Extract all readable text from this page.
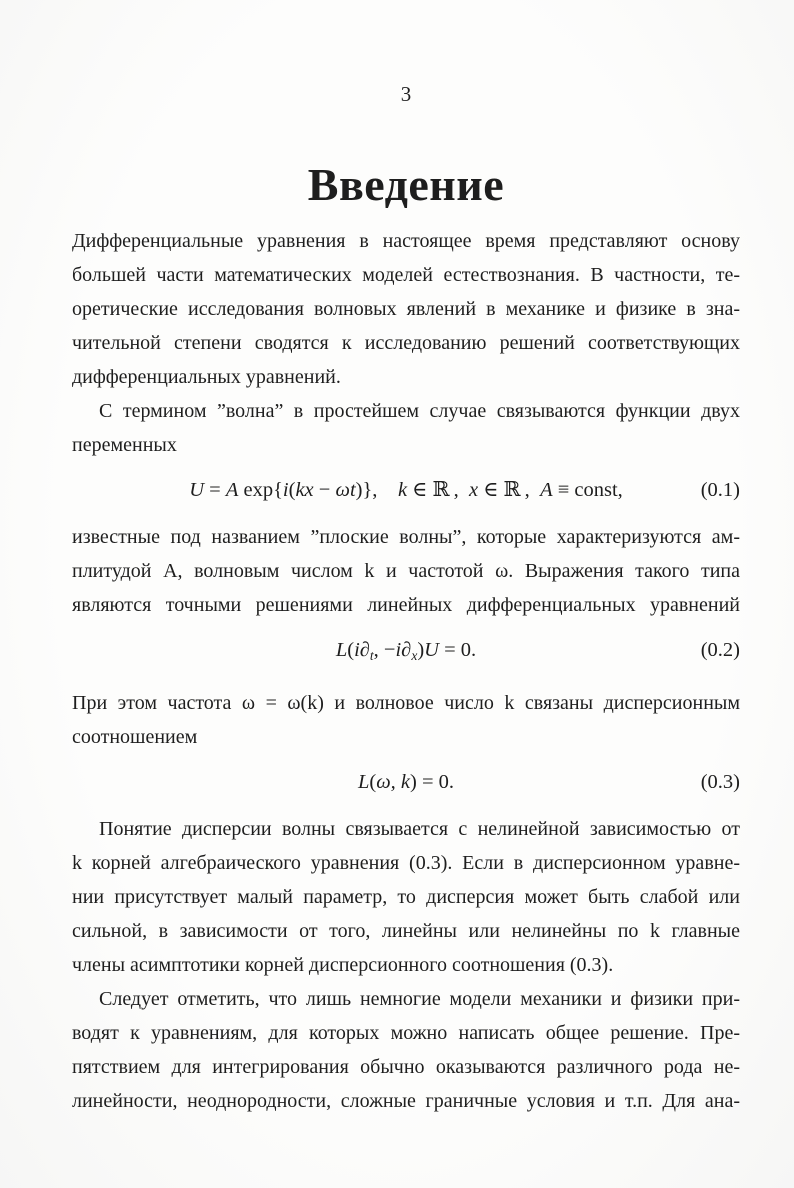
3
Введение
Дифференциальные уравнения в настоящее время представляют основу
большей части математических моделей естествознания. В частности, те-
оретические исследования волновых явлений в механике и физике в зна-
чительной степени сводятся к исследованию решений соответствующих
дифференциальных уравнений.
С термином ”волна” в простейшем случае связываются функции двух
переменных
U = A exp{i(kx − ωt)},  k ∈ ℝ , x ∈ ℝ , A ≡ const,	(0.1)
известные под названием ”плоские волны”, которые характеризуются ам-
плитудой A, волновым числом k и частотой ω. Выражения такого типа
являются точными решениями линейных дифференциальных уравнений
L(i∂t, −i∂x)U = 0.	(0.2)
При этом частота ω = ω(k) и волновое число k связаны дисперсионным
соотношением
L(ω, k) = 0.	(0.3)
Понятие дисперсии волны связывается с нелинейной зависимостью от
k корней алгебраического уравнения (0.3). Если в дисперсионном уравне-
нии присутствует малый параметр, то дисперсия может быть слабой или
сильной, в зависимости от того, линейны или нелинейны по k главные
члены асимптотики корней дисперсионного соотношения (0.3).
Следует отметить, что лишь немногие модели механики и физики при-
водят к уравнениям, для которых можно написать общее решение. Пре-
пятствием для интегрирования обычно оказываются различного рода не-
линейности, неоднородности, сложные граничные условия и т.п. Для ана-
